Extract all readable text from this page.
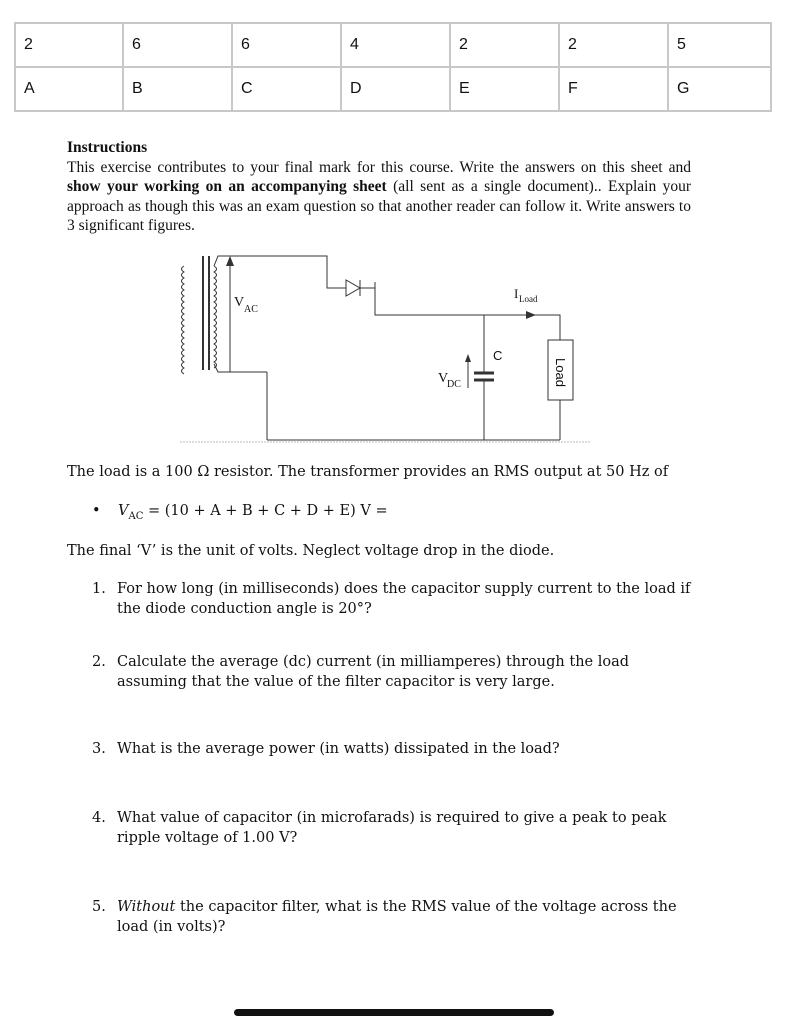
2	6	6	4	2	2	5
A	B	C	D	E	F	G
Instructions
This exercise contributes to your final mark for this course. Write the answers on this sheet and show your working on an accompanying sheet (all sent as a single document).. Explain your approach as though this was an exam question so that another reader can follow it. Write answers to 3 significant figures.
V AC
I Load
C
V
DC	Load
The load is a 100 Ω resistor. The transformer provides an RMS output at 50 Hz of
• $V_{AC} = (10 + A + B + C + D + E) V$ =
The final ‘V’ is the unit of volts. Neglect voltage drop in the diode.
1. For how long (in milliseconds) does the capacitor supply current to the load if the diode conduction angle is 20°?
2. Calculate the average (dc) current (in milliamperes) through the load assuming that the value of the filter capacitor is very large.
3. What is the average power (in watts) dissipated in the load?
4. What value of capacitor (in microfarads) is required to give a peak to peak ripple voltage of 1.00 V?
5. Without the capacitor filter, what is the RMS value of the voltage across the load (in volts)?
